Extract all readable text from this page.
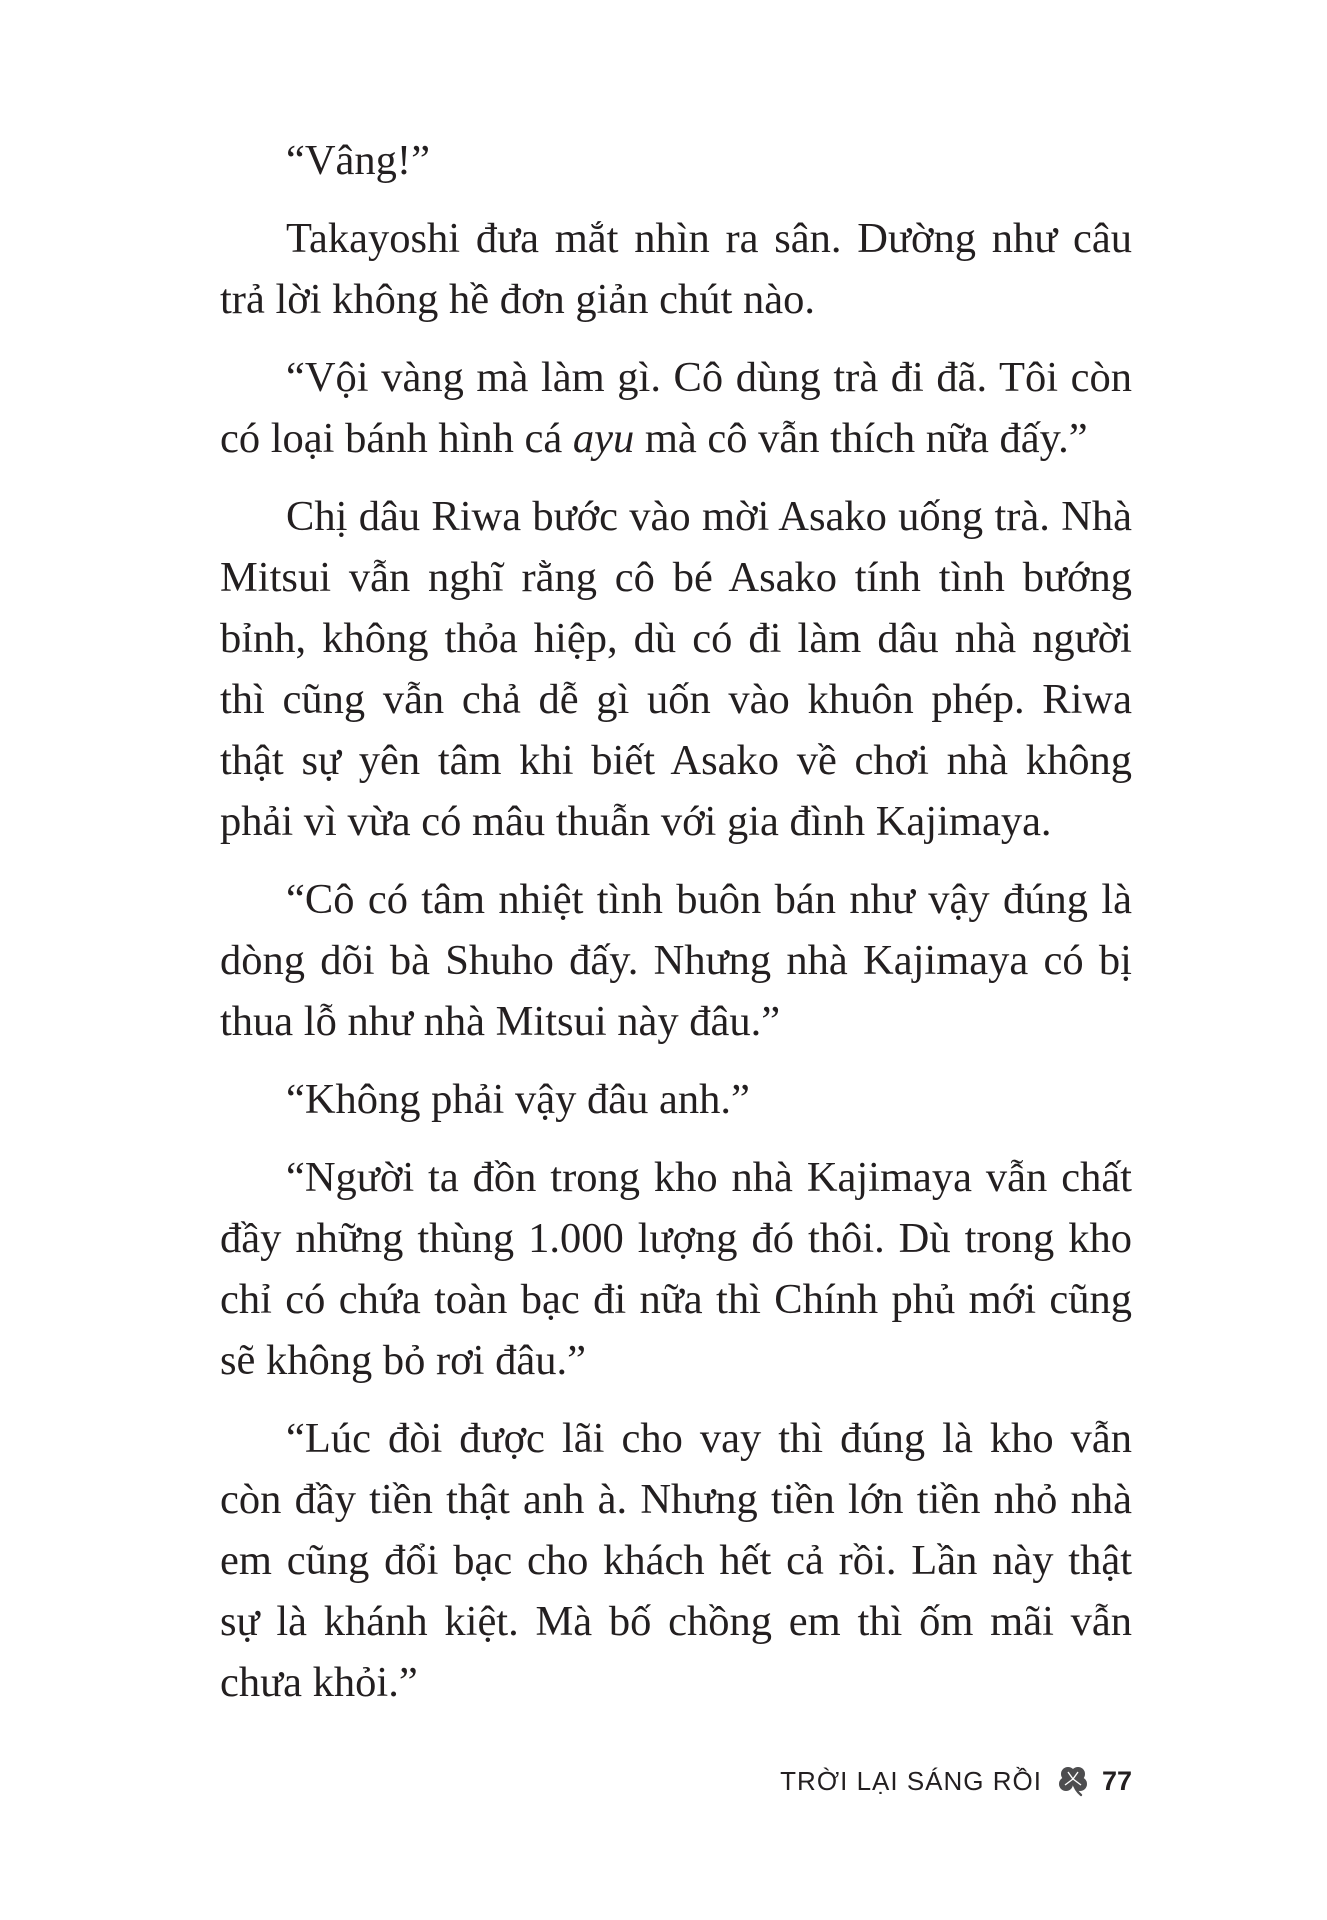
“Vâng!”

Takayoshi đưa mắt nhìn ra sân. Dường như câu trả lời không hề đơn giản chút nào.

“Vội vàng mà làm gì. Cô dùng trà đi đã. Tôi còn có loại bánh hình cá ayu mà cô vẫn thích nữa đấy.”

Chị dâu Riwa bước vào mời Asako uống trà. Nhà Mitsui vẫn nghĩ rằng cô bé Asako tính tình bướng bỉnh, không thỏa hiệp, dù có đi làm dâu nhà người thì cũng vẫn chả dễ gì uốn vào khuôn phép. Riwa thật sự yên tâm khi biết Asako về chơi nhà không phải vì vừa có mâu thuẫn với gia đình Kajimaya.

“Cô có tâm nhiệt tình buôn bán như vậy đúng là dòng dõi bà Shuho đấy. Nhưng nhà Kajimaya có bị thua lỗ như nhà Mitsui này đâu.”

“Không phải vậy đâu anh.”

“Người ta đồn trong kho nhà Kajimaya vẫn chất đầy những thùng 1.000 lượng đó thôi. Dù trong kho chỉ có chứa toàn bạc đi nữa thì Chính phủ mới cũng sẽ không bỏ rơi đâu.”

“Lúc đòi được lãi cho vay thì đúng là kho vẫn còn đầy tiền thật anh à. Nhưng tiền lớn tiền nhỏ nhà em cũng đổi bạc cho khách hết cả rồi. Lần này thật sự là khánh kiệt. Mà bố chồng em thì ốm mãi vẫn chưa khỏi.”

TRỜI LẠI SÁNG RỒI 77
